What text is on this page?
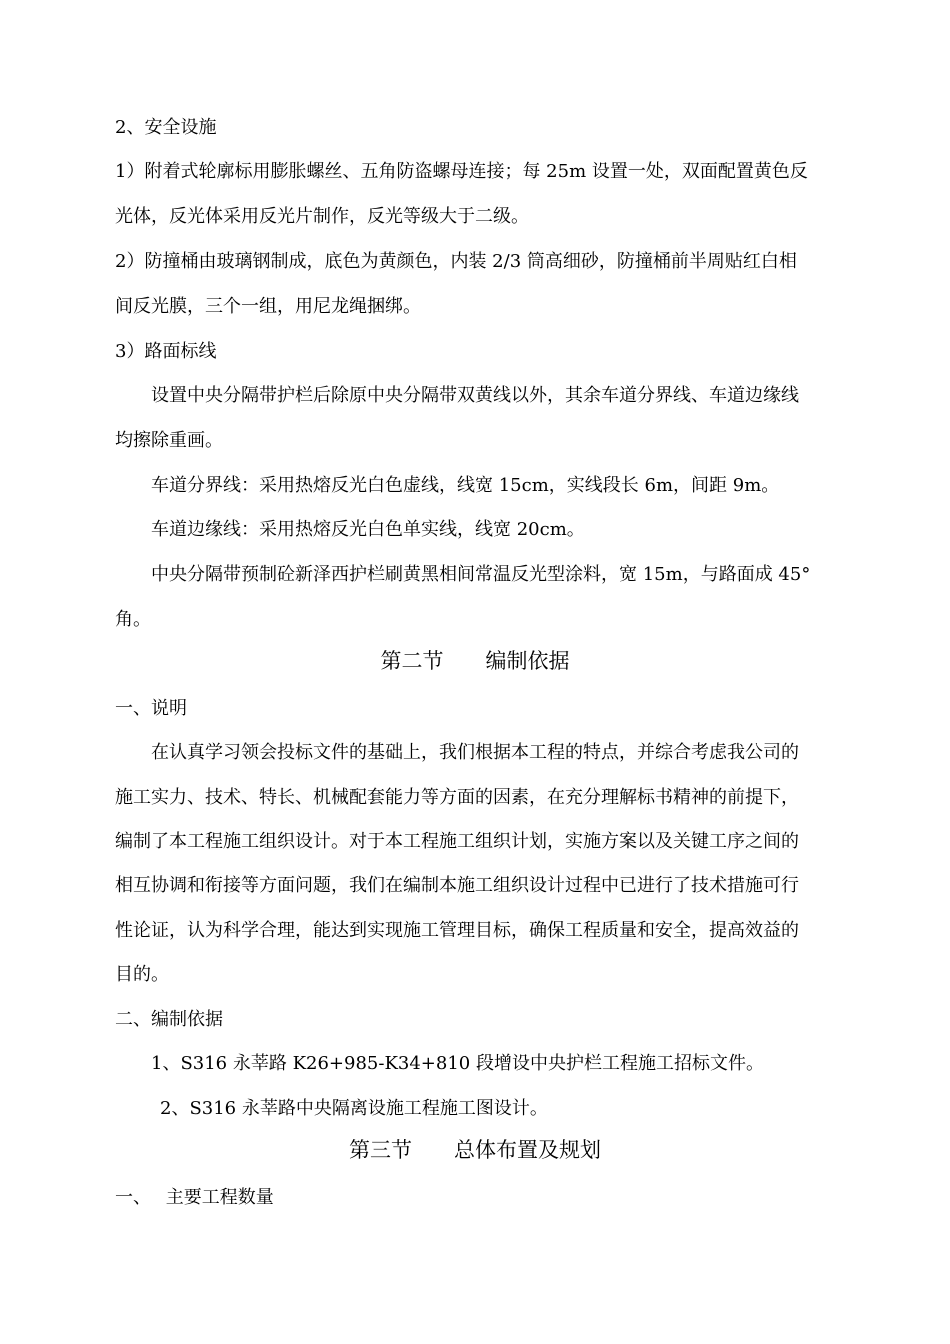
2、安全设施
1）附着式轮廓标用膨胀螺丝、五角防盗螺母连接；每 25m 设置一处，双面配置黄色反
光体，反光体采用反光片制作，反光等级大于二级。
2）防撞桶由玻璃钢制成，底色为黄颜色，内装 2/3 筒高细砂，防撞桶前半周贴红白相
间反光膜，三个一组，用尼龙绳捆绑。
3）路面标线
设置中央分隔带护栏后除原中央分隔带双黄线以外，其余车道分界线、车道边缘线
均擦除重画。
车道分界线：采用热熔反光白色虚线，线宽 15cm，实线段长 6m，间距 9m。
车道边缘线：采用热熔反光白色单实线，线宽 20cm。
中央分隔带预制砼新泽西护栏刷黄黑相间常温反光型涂料，宽 15m，与路面成 45°
角。
第二节　　编制依据
一、说明
在认真学习领会投标文件的基础上，我们根据本工程的特点，并综合考虑我公司的
施工实力、技术、特长、机械配套能力等方面的因素，在充分理解标书精神的前提下，
编制了本工程施工组织设计。对于本工程施工组织计划，实施方案以及关键工序之间的
相互协调和衔接等方面问题，我们在编制本施工组织设计过程中已进行了技术措施可行
性论证，认为科学合理，能达到实现施工管理目标，确保工程质量和安全，提高效益的
目的。
二、编制依据
1、S316 永莘路 K26+985-K34+810 段增设中央护栏工程施工招标文件。
2、S316 永莘路中央隔离设施工程施工图设计。
第三节　　总体布置及规划
一、　 主要工程数量
